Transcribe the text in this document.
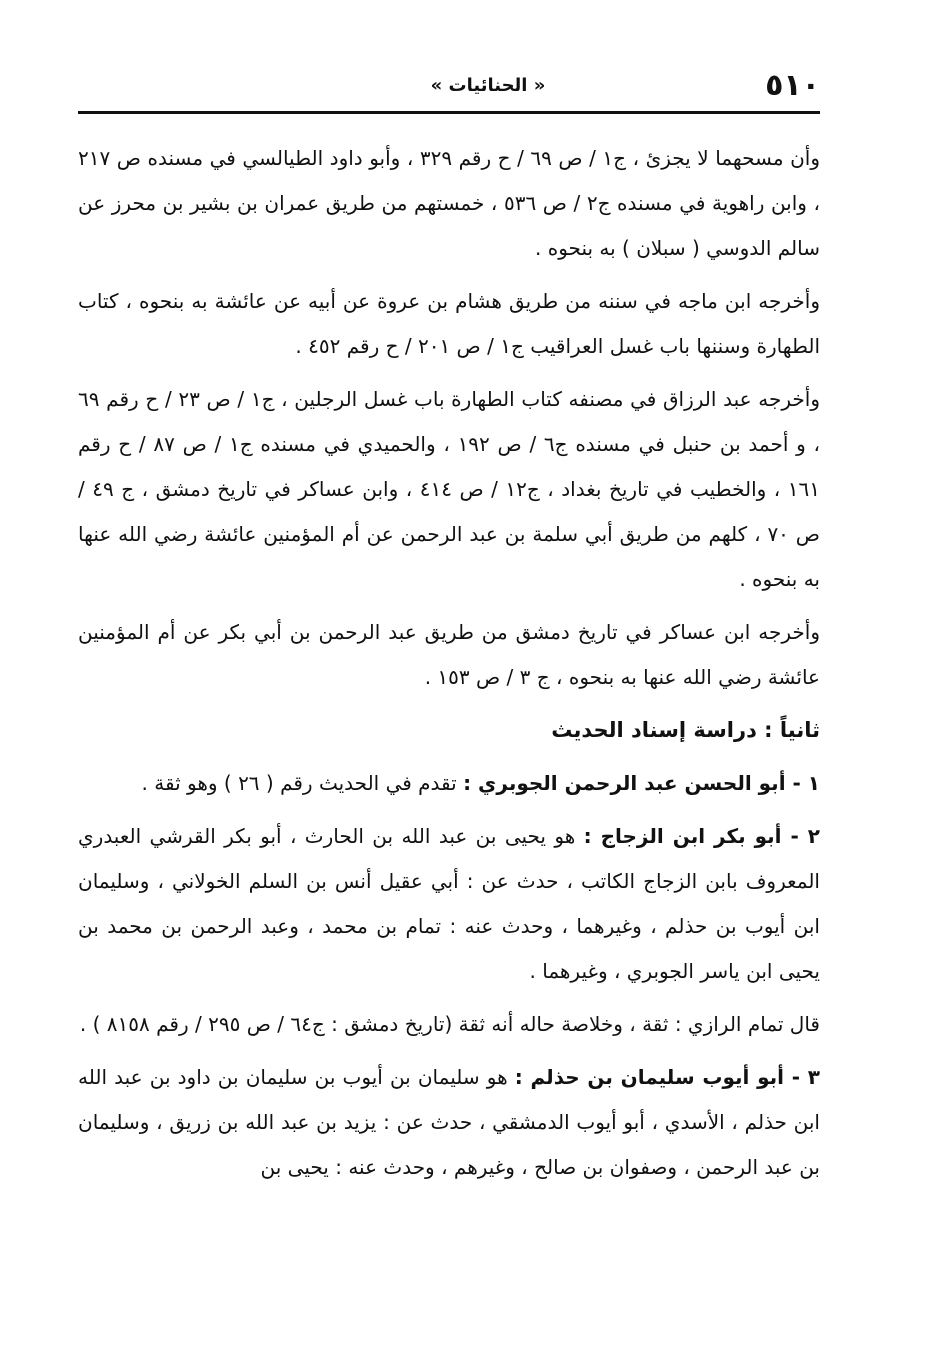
« الحنائيات »	٥١٠

وأن مسحهما لا يجزئ ، ج١ / ص ٦٩ / ح رقم ٣٢٩ ، وأبو داود الطيالسي في مسنده ص ٢١٧ ، وابن راهوية في مسنده ج٢ / ص ٥٣٦ ، خمستهم من طريق عمران بن بشير بن محرز عن سالم الدوسي ( سبلان ) به بنحوه .

وأخرجه ابن ماجه في سننه من طريق هشام بن عروة عن أبيه عن عائشة به بنحوه ، كتاب الطهارة وسننها باب غسل العراقيب ج١ / ص ٢٠١ / ح رقم ٤٥٢ .

وأخرجه عبد الرزاق في مصنفه كتاب الطهارة باب غسل الرجلين ، ج١ / ص ٢٣ / ح رقم ٦٩ ، و أحمد بن حنبل في مسنده ج٦ / ص ١٩٢ ، والحميدي في مسنده ج١ / ص ٨٧ / ح رقم ١٦١ ، والخطيب في تاريخ بغداد ، ج١٢ / ص ٤١٤ ، وابن عساكر في تاريخ دمشق ، ج ٤٩ / ص ٧٠ ، كلهم من طريق أبي سلمة بن عبد الرحمن عن أم المؤمنين عائشة رضي الله عنها به بنحوه .

وأخرجه ابن عساكر في تاريخ دمشق من طريق عبد الرحمن بن أبي بكر عن أم المؤمنين عائشة رضي الله عنها به بنحوه ، ج ٣ / ص ١٥٣ .

ثانياً : دراسة إسناد الحديث

١ - أبو الحسن عبد الرحمن الجوبري : تقدم في الحديث رقم ( ٢٦ ) وهو ثقة .

٢ - أبو بكر ابن الزجاج : هو يحيى بن عبد الله بن الحارث ، أبو بكر القرشي العبدري المعروف بابن الزجاج الكاتب ، حدث عن : أبي عقيل أنس بن السلم الخولاني ، وسليمان ابن أيوب بن حذلم ، وغيرهما ، وحدث عنه : تمام بن محمد ، وعبد الرحمن بن محمد بن يحيى ابن ياسر الجوبري ، وغيرهما .

قال تمام الرازي : ثقة ، وخلاصة حاله أنه ثقة (تاريخ دمشق : ج٦٤ / ص ٢٩٥ / رقم ٨١٥٨ ) .

٣ - أبو أيوب سليمان بن حذلم : هو سليمان بن أيوب بن سليمان بن داود بن عبد الله ابن حذلم ، الأسدي ، أبو أيوب الدمشقي ، حدث عن : يزيد بن عبد الله بن زريق ، وسليمان بن عبد الرحمن ، وصفوان بن صالح ، وغيرهم ، وحدث عنه : يحيى بن
